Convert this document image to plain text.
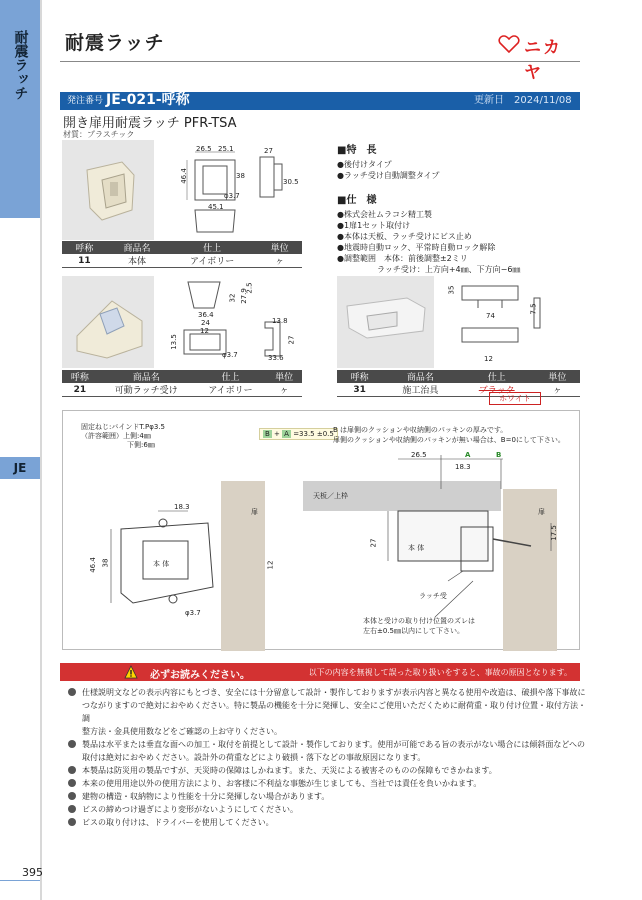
耐震ラッチ
JE
耐震ラッチ	ニカヤ
発注番号 JE-021-呼称	更新日　2024/11/08
開き扉用耐震ラッチ PFR-TSA
材質：プラスチック
26.5 25.1	27
46.4	38
30.5
φ3.7
45.1
呼称	商品名	仕上	単位
11	本体	アイボリー	ヶ
■特　長
●後付けタイプ
●ラッチ受け自動調整タイプ
■仕　様
●株式会社ムラコシ精工製
●1扉1セット取付け
●本体は天板、ラッチ受けにビス止め
●地震時自動ロック、平常時自動ロック解除
●調整範囲　本体：前後調整±2ミリ
　　　　　ラッチ受け：上方向+4㎜、下方向−6㎜
32 27.9
2.5
36.4
24
12
13.5
φ3.7
13.8
27
33.6
呼称	商品名	仕上	単位
21	可動ラッチ受け	アイボリー	ヶ
35
74
7.5
12
呼称	商品名	仕上	単位
31	施工治具	ブラック	ヶ
ホワイト
固定ねじ:バインドT.Pφ3.5
（許容範囲）上側:4㎜
下側:6㎜
B + A =33.5 ±0.5 B は扉側のクッションや収納側のパッキンの厚みです。
扉側のクッションや収納側のパッキンが無い場合は、B=0にして下さい。
18.3
46.4 38	12
φ3.7
本 体
扉
26.5
18.3
A	B
天板／上枠
扉
本 体
27
17.5
ラッチ受
本体と受けの取り付け位置のズレは
左右±0.5㎜以内にして下さい。
必ずお読みください。	以下の内容を無視して誤った取り扱いをすると、事故の原因となります。
仕様説明文などの表示内容にもとづき、安全には十分留意して設計・製作しておりますが表示内容と異なる使用や改造は、破損や落下事故に
つながりますので絶対におやめください。特に製品の機能を十分に発揮し、安全にご使用いただくために耐荷重・取り付け位置・取付方法・調
整方法・金具使用数などをご確認の上お守りください。
製品は水平または垂直な面への加工・取付を前提として設計・製作しております。使用が可能である旨の表示がない場合には傾斜面などへの
取付は絶対におやめください。設計外の荷重などにより破損・落下などの事故原因になります。
本製品は防災用の製品ですが、天災時の保障はしかねます。また、天災による被害そのものの保障もできかねます。
本来の使用用途以外の使用方法により、お客様に不利益な事態が生じましても、当社では責任を負いかねます。
建物の構造・収納物により性能を十分に発揮しない場合があります。
ビスの締めつけ過ぎにより変形がないようにしてください。
ビスの取り付けは、ドライバーを使用してください。
395
